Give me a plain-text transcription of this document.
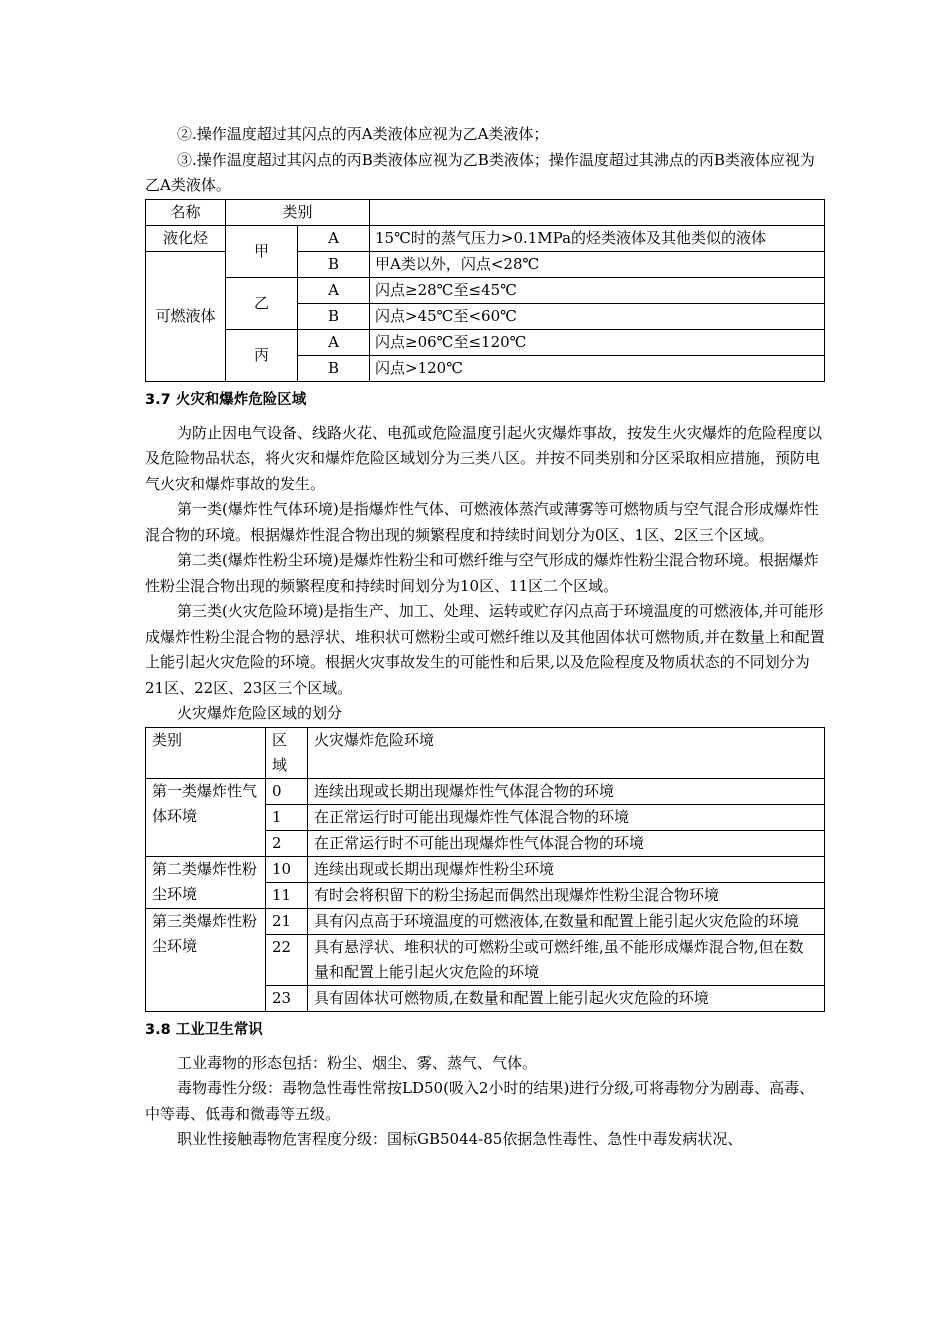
②.操作温度超过其闪点的丙A类液体应视为乙A类液体；

③.操作温度超过其闪点的丙B类液体应视为乙B类液体；操作温度超过其沸点的丙B类液体应视为乙A类液体。

名称	类别		
液化烃	甲	A	15℃时的蒸气压力>0.1MPa的烃类液体及其他类似的液体
可燃液体		B	甲A类以外，闪点<28℃
	乙	A	闪点≥28℃至≤45℃
		B	闪点>45℃至<60℃
	丙	A	闪点≥06℃至≤120℃
		B	闪点>120℃
3.7 火灾和爆炸危险区域

为防止因电气设备、线路火花、电孤或危险温度引起火灾爆炸事故，按发生火灾爆炸的危险程度以及危险物品状态，将火灾和爆炸危险区域划分为三类八区。并按不同类别和分区采取相应措施，预防电气火灾和爆炸事故的发生。

第一类(爆炸性气体环境)是指爆炸性气体、可燃液体蒸汽或薄雾等可燃物质与空气混合形成爆炸性混合物的环境。根据爆炸性混合物出现的频繁程度和持续时间划分为0区、1区、2区三个区域。

第二类(爆炸性粉尘环境)是爆炸性粉尘和可燃纤维与空气形成的爆炸性粉尘混合物环境。根据爆炸性粉尘混合物出现的频繁程度和持续时间划分为10区、11区二个区域。

第三类(火灾危险环境)是指生产、加工、处理、运转或贮存闪点高于环境温度的可燃液体,并可能形成爆炸性粉尘混合物的悬浮状、堆积状可燃粉尘或可燃纤维以及其他固体状可燃物质,并在数量上和配置上能引起火灾危险的环境。根据火灾事故发生的可能性和后果,以及危险程度及物质状态的不同划分为21区、22区、23区三个区域。

火灾爆炸危险区域的划分

类别	区域	火灾爆炸危险环境
第一类爆炸性气体环境	0	连续出现或长期出现爆炸性气体混合物的环境
	1	在正常运行时可能出现爆炸性气体混合物的环境
	2	在正常运行时不可能出现爆炸性气体混合物的环境
第二类爆炸性粉尘环境	10	连续出现或长期出现爆炸性粉尘环境
	11	有时会将积留下的粉尘扬起而偶然出现爆炸性粉尘混合物环境
第三类爆炸性粉尘环境	21	具有闪点高于环境温度的可燃液体,在数量和配置上能引起火灾危险的环境
	22	具有悬浮状、堆积状的可燃粉尘或可燃纤维,虽不能形成爆炸混合物,但在数量和配置上能引起火灾危险的环境
	23	具有固体状可燃物质,在数量和配置上能引起火灾危险的环境
3.8 工业卫生常识

工业毒物的形态包括：粉尘、烟尘、雾、蒸气、气体。

毒物毒性分级：毒物急性毒性常按LD50(吸入2小时的结果)进行分级,可将毒物分为剧毒、高毒、中等毒、低毒和微毒等五级。

职业性接触毒物危害程度分级：国标GB5044-85依据急性毒性、急性中毒发病状况、
